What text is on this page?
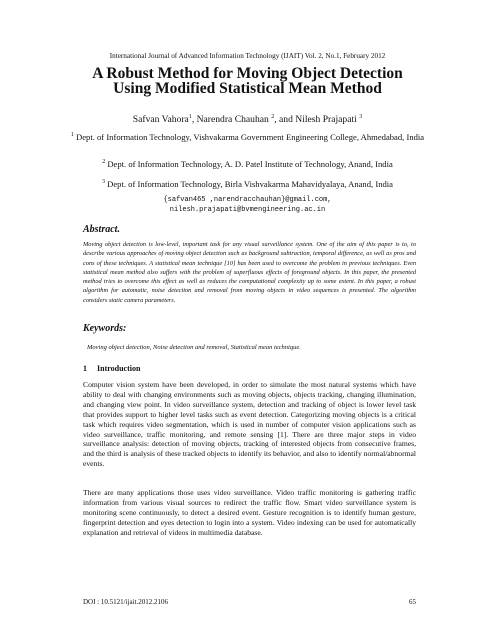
International Journal of Advanced Information Technology (IJAIT) Vol. 2, No.1, February 2012
A Robust Method for Moving Object Detection
Using Modified Statistical Mean Method
Safvan Vahora$^1$, Narendra Chauhan $^2$, and Nilesh Prajapati $^3$
$^1$ Dept. of Information Technology, Vishvakarma Government Engineering College, Ahmedabad, India
$^2$ Dept. of Information Technology, A. D. Patel Institute of Technology, Anand, India
$^3$ Dept. of Information Technology, Birla Vishvakarma Mahavidyalaya, Anand, India
{safvan465 ,narendracchauhan}@gmail.com,
nilesh.prajapati@bvmengineering.ac.in
Abstract.
Moving object detection is low-level, important task for any visual surveillance system. One of the aim of this paper is to, to describe various approaches of moving object detection such as background subtraction, temporal difference, as well as pros and cons of these techniques. A statistical mean technique [10] has been used to overcome the problem in previous techniques. Even statistical mean method also suffers with the problem of superfluous effects of foreground objects. In this paper, the presented method tries to overcome this effect as well as reduces the computational complexity up to some extent. In this paper, a robust algorithm for automatic, noise detection and removal from moving objects in video sequences is presented. The algorithm considers static camera parameters.
Keywords:
Moving object detection, Noise detection and removal, Statistical mean technique.
1 Introduction
Computer vision system have been developed, in order to simulate the most natural systems which have ability to deal with changing environments such as moving objects, objects tracking, changing illumination, and changing view point. In video surveillance system, detection and tracking of object is lower level task that provides support to higher level tasks such as event detection. Categorizing moving objects is a critical task which requires video segmentation, which is used in number of computer vision applications such as video surveillance, traffic monitoring, and remote sensing [1]. There are three major steps in video surveillance analysis: detection of moving objects, tracking of interested objects from consecutive frames, and the third is analysis of these tracked objects to identify its behavior, and also to identify normal/abnormal events.
There are many applications those uses video surveillance. Video traffic monitoring is gathering traffic information from various visual sources to redirect the traffic flow. Smart video surveillance system is monitoring scene continuously, to detect a desired event. Gesture recognition is to identify human gesture, fingerprint detection and eyes detection to login into a system. Video indexing can be used for automatically explanation and retrieval of videos in multimedia database.
DOI : 10.5121/ijait.2012.2106	65
